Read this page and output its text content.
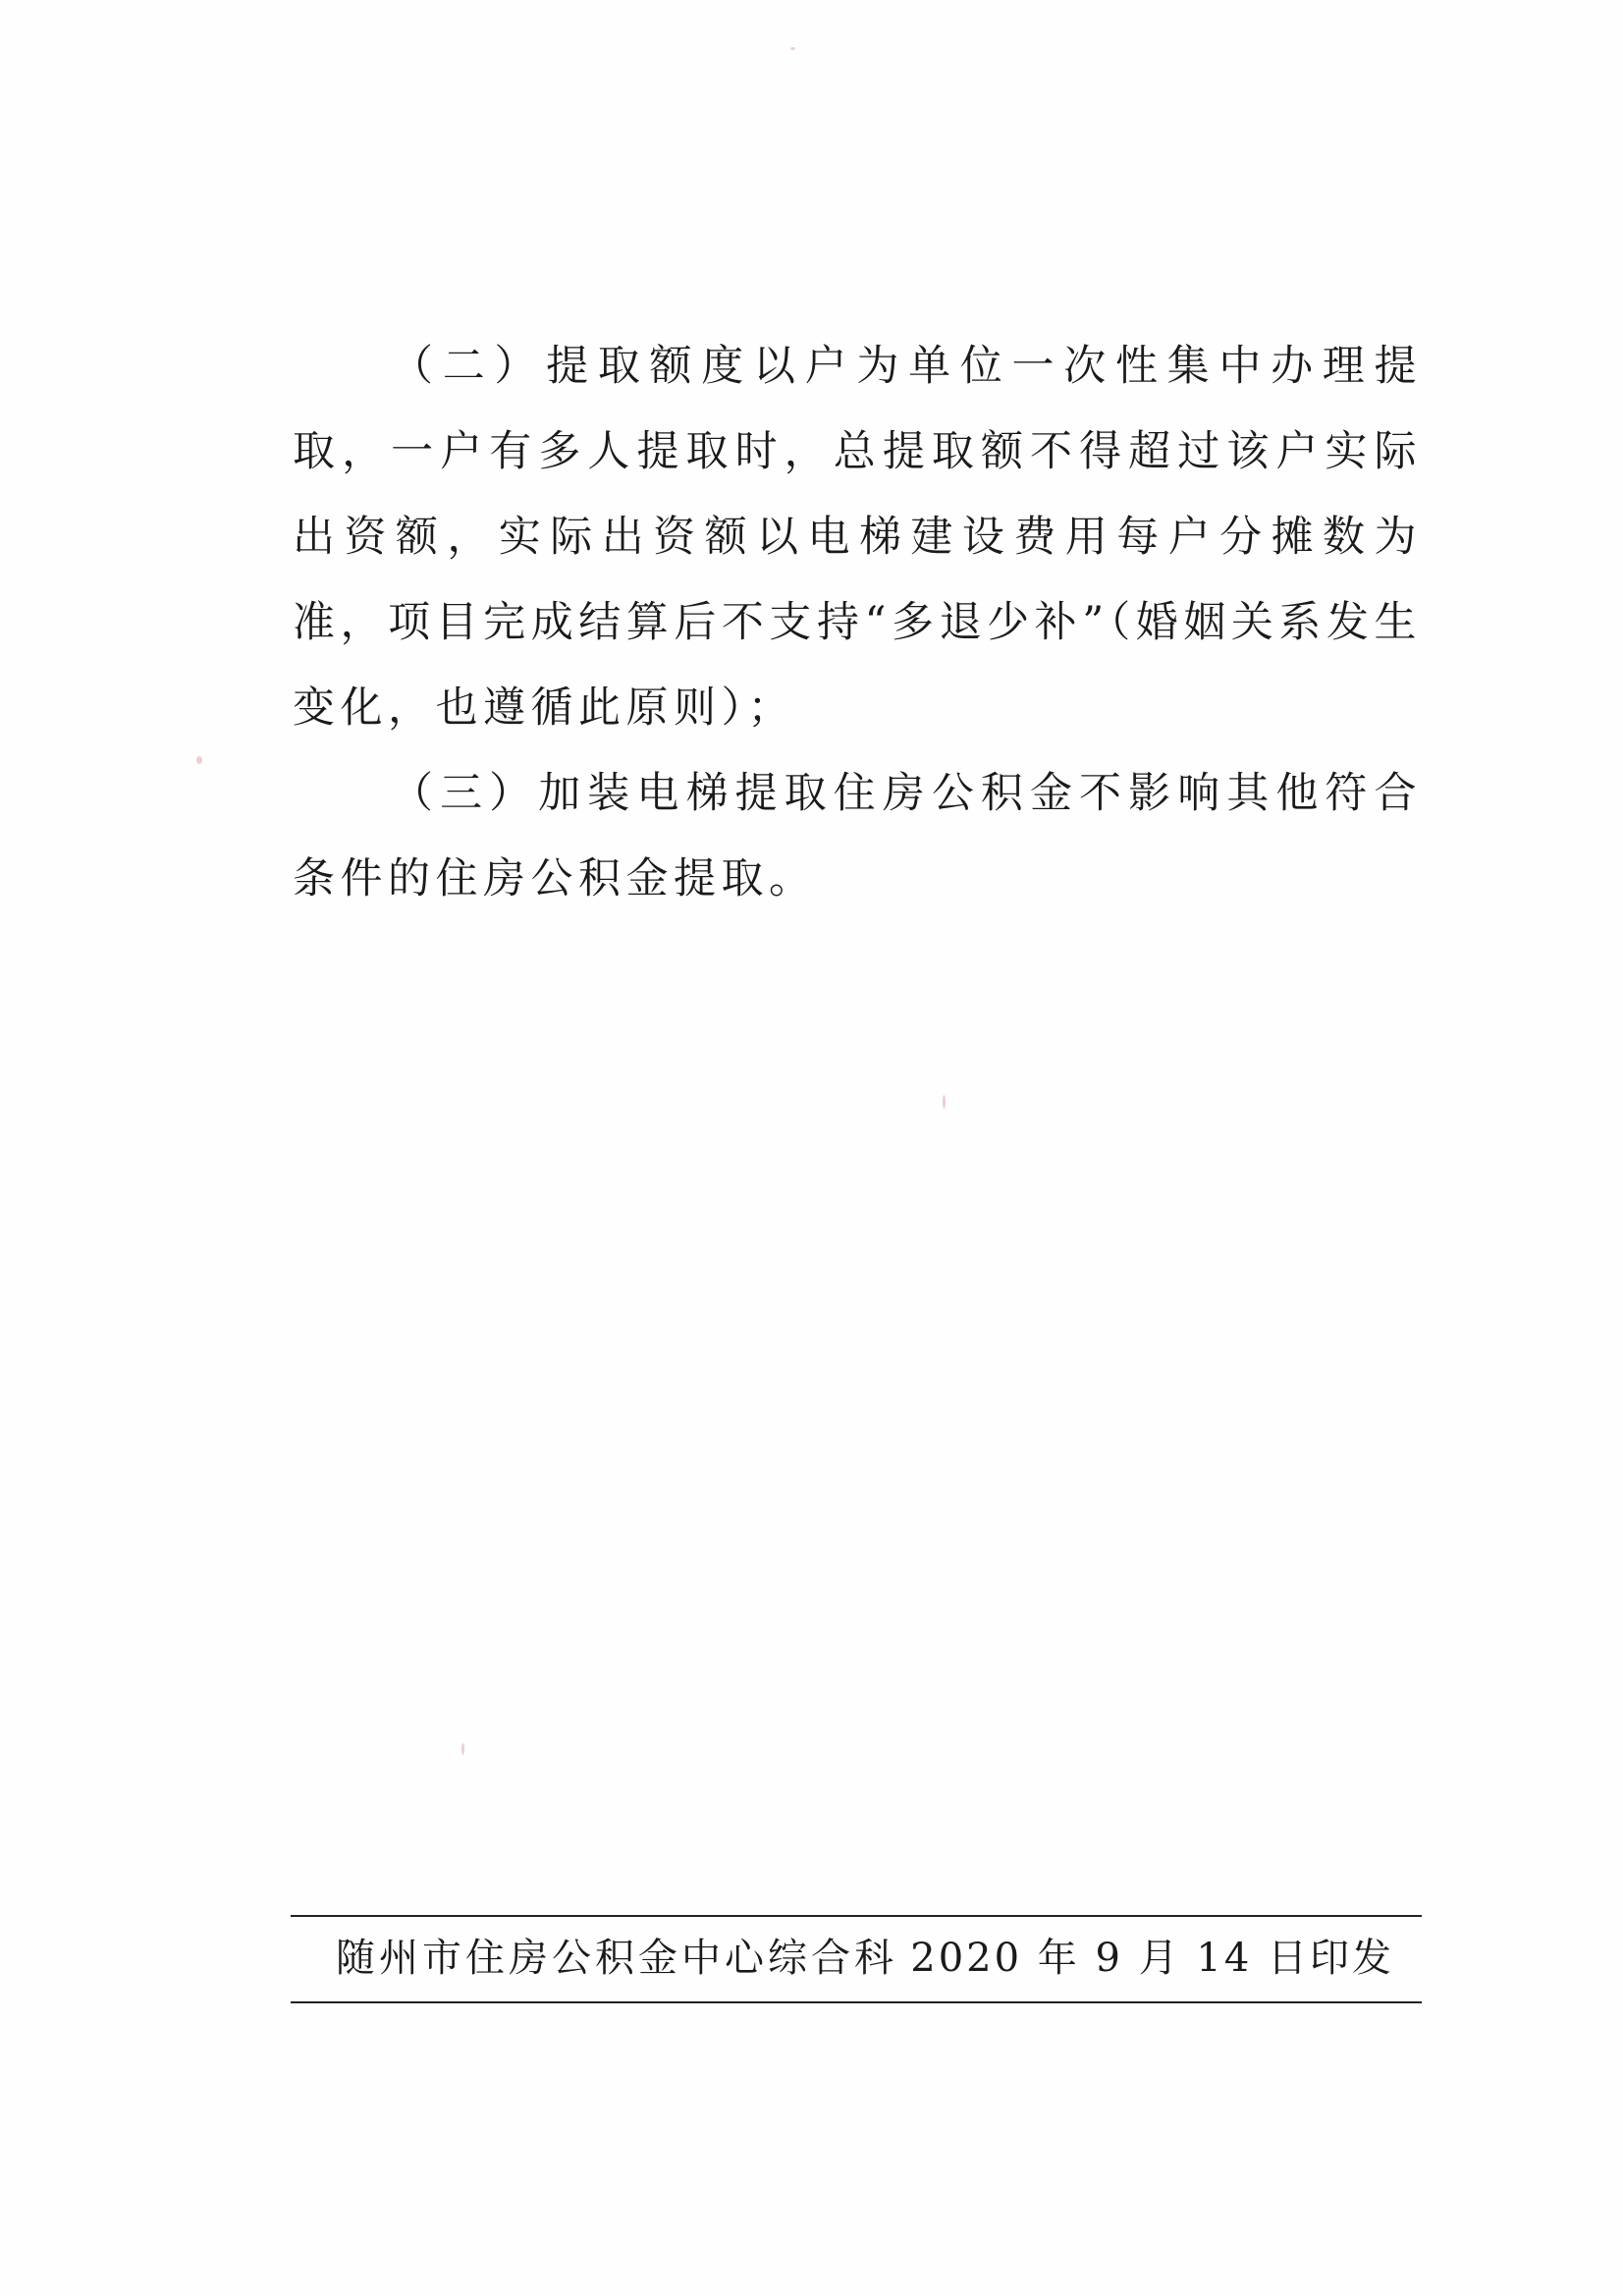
（二）提取额度以户为单位一次性集中办理提取，一户有多人提取时，总提取额不得超过该户实际出资额，实际出资额以电梯建设费用每户分摊数为准，项目完成结算后不支持“多退少补”（婚姻关系发生变化，也遵循此原则）；

（三）加装电梯提取住房公积金不影响其他符合条件的住房公积金提取。

随州市住房公积金中心综合科 2020 年 9 月 14 日印发
